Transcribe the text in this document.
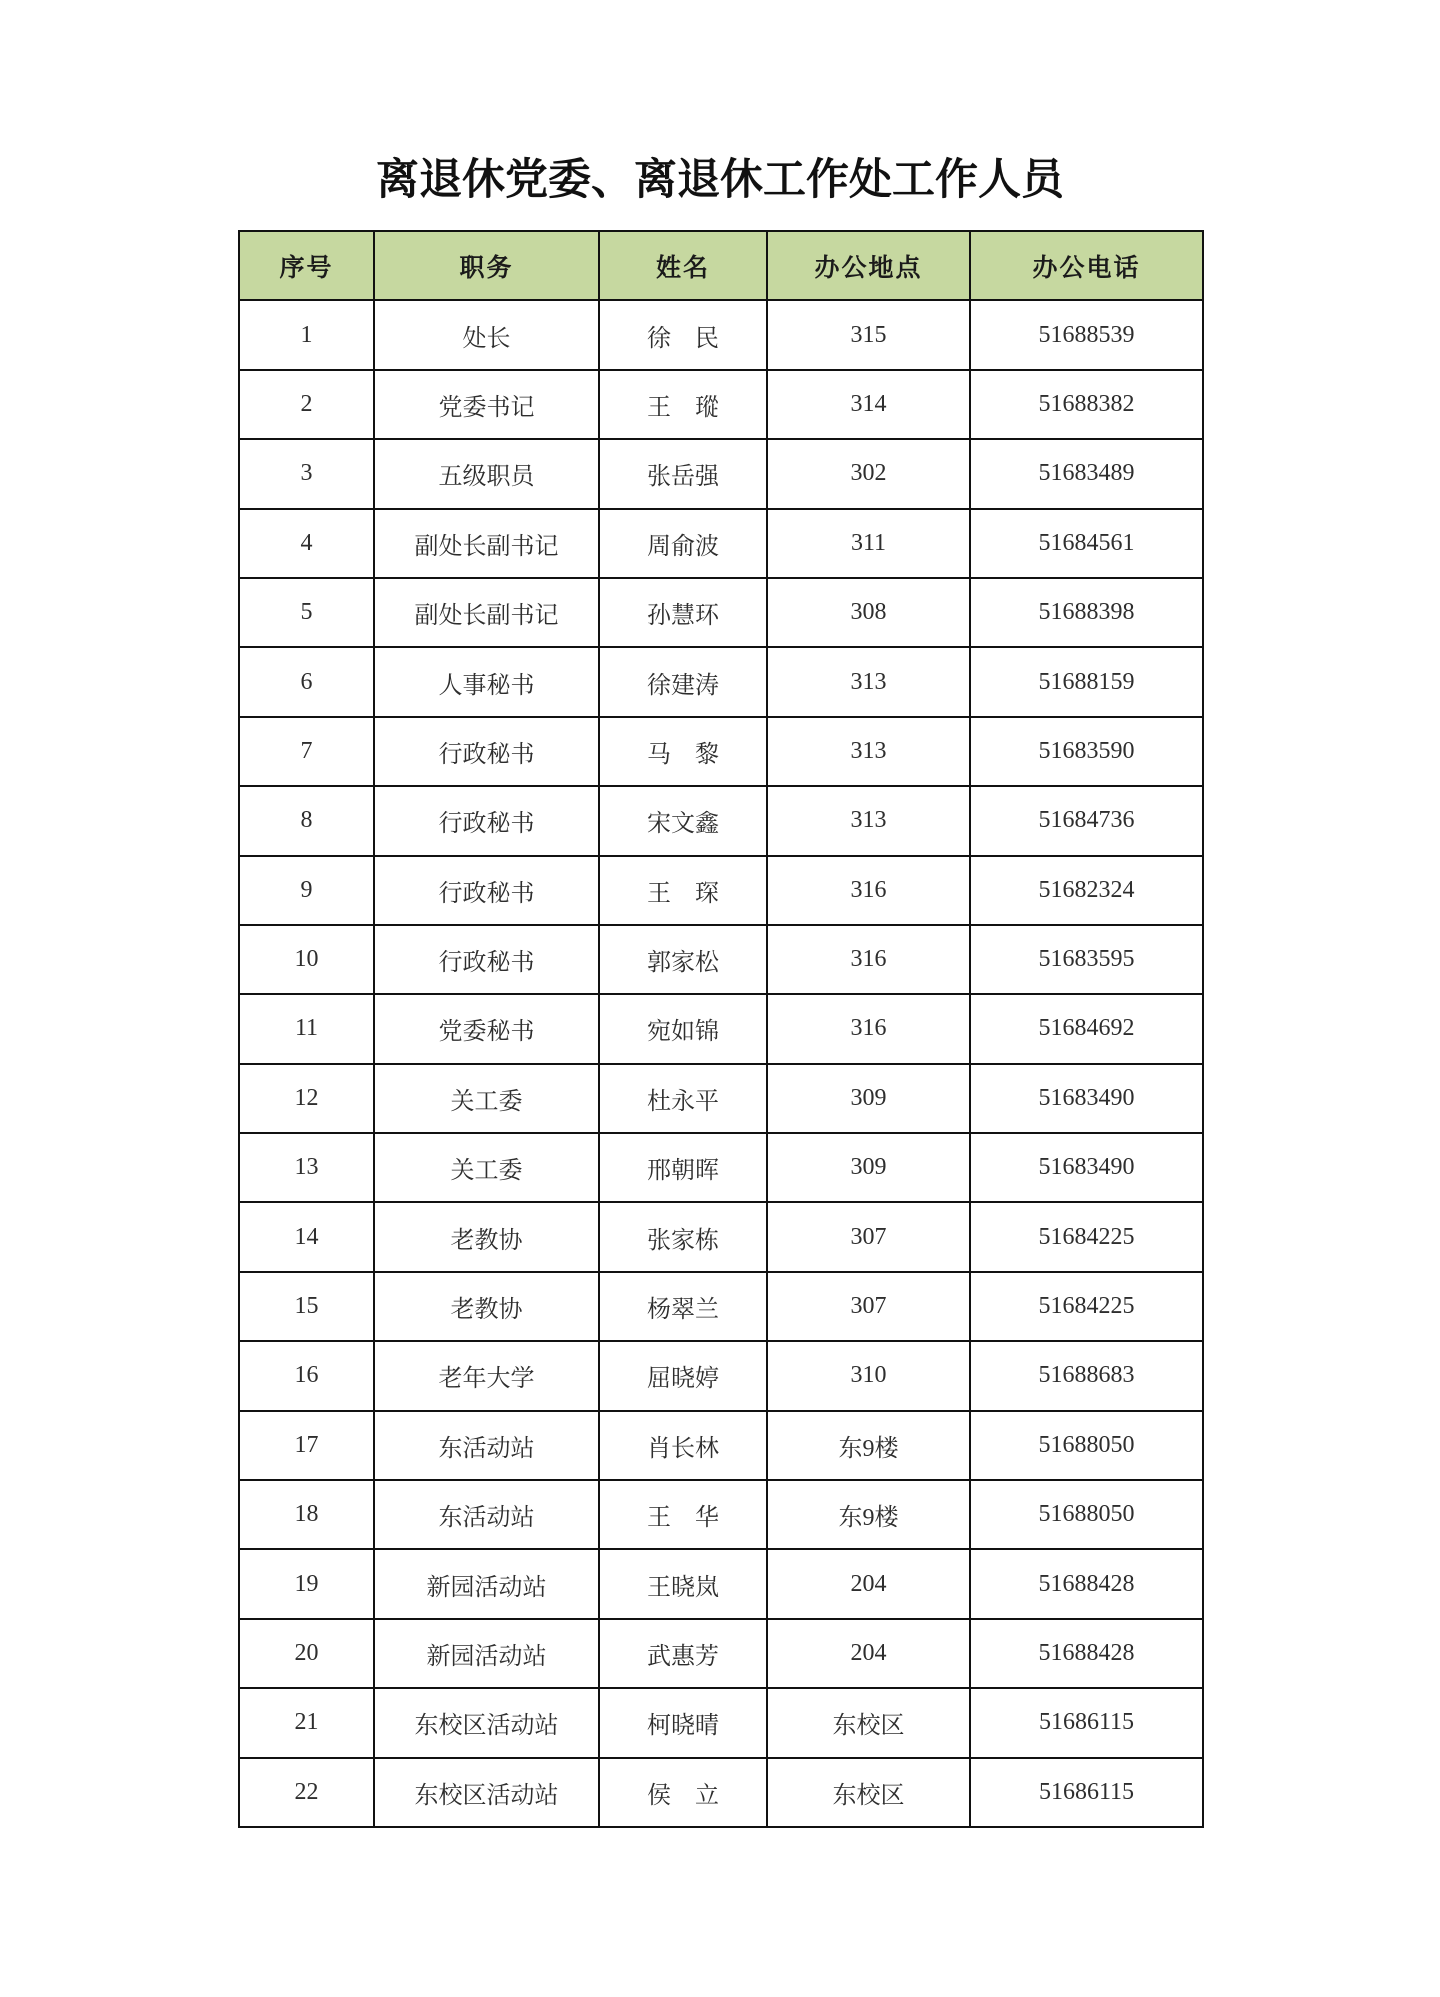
离退休党委、离退休工作处工作人员
序号	职务	姓名	办公地点	办公电话
1	处长	徐　民	315	51688539
2	党委书记	王　瑽	314	51688382
3	五级职员	张岳强	302	51683489
4	副处长副书记	周俞波	311	51684561
5	副处长副书记	孙慧环	308	51688398
6	人事秘书	徐建涛	313	51688159
7	行政秘书	马　黎	313	51683590
8	行政秘书	宋文鑫	313	51684736
9	行政秘书	王　琛	316	51682324
10	行政秘书	郭家松	316	51683595
11	党委秘书	宛如锦	316	51684692
12	关工委	杜永平	309	51683490
13	关工委	邢朝晖	309	51683490
14	老教协	张家栋	307	51684225
15	老教协	杨翠兰	307	51684225
16	老年大学	屈晓婷	310	51688683
17	东活动站	肖长林	东9楼	51688050
18	东活动站	王　华	东9楼	51688050
19	新园活动站	王晓岚	204	51688428
20	新园活动站	武惠芳	204	51688428
21	东校区活动站	柯晓晴	东校区	51686115
22	东校区活动站	侯　立	东校区	51686115
